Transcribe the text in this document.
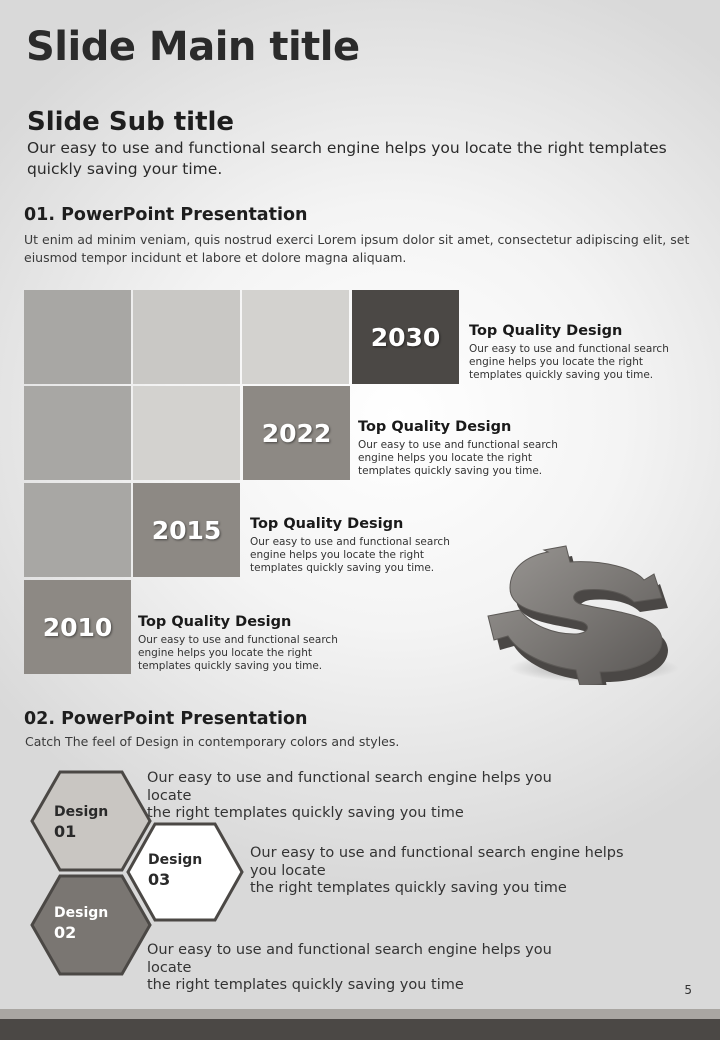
Slide Main title
Slide Sub title
Our easy to use and functional search engine helps you locate the right templates quickly saving your time.
01. PowerPoint Presentation
Ut enim ad minim veniam, quis nostrud exerci Lorem ipsum dolor sit amet, consectetur adipiscing elit, set eiusmod tempor incidunt et labore et dolore magna aliquam.
2030
2022
2015
2010
Top Quality Design
Our easy to use and functional search engine helps you locate the right templates quickly saving you time.
Top Quality Design
Our easy to use and functional search engine helps you locate the right templates quickly saving you time.
Top Quality Design
Our easy to use and functional search engine helps you locate the right templates quickly saving you time.
Top Quality Design
Our easy to use and functional search engine helps you locate the right templates quickly saving you time.
02. PowerPoint Presentation
Catch The feel of Design in contemporary colors and styles.
Design
01
Design
03
Design
02
Our easy to use and functional search engine helps you locate
the right templates quickly saving you time
Our easy to use and functional search engine helps you locate
the right templates quickly saving you time
Our easy to use and functional search engine helps you locate
the right templates quickly saving you time	5
